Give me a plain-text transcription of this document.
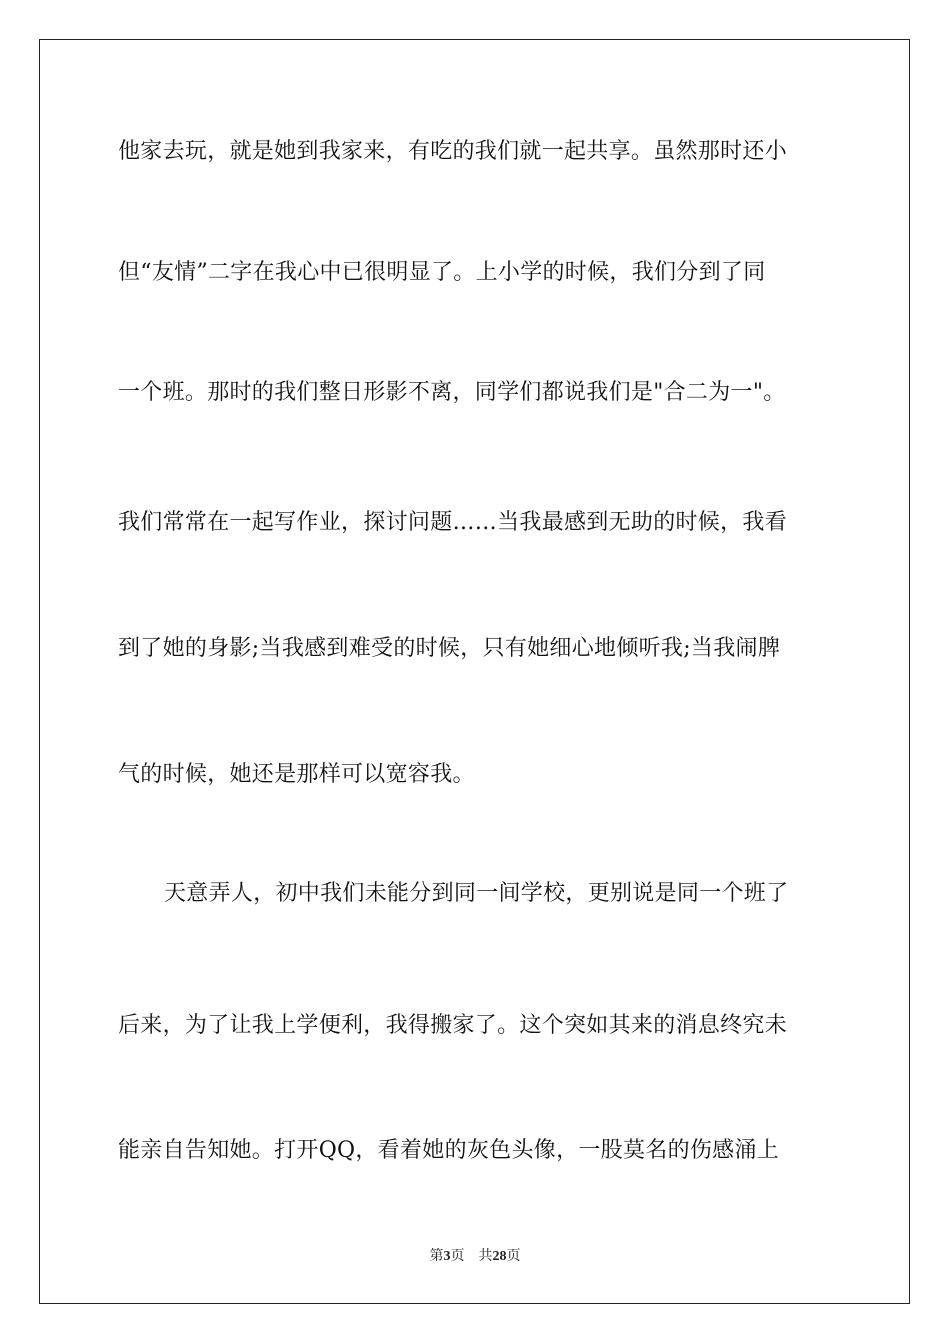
他家去玩，就是她到我家来，有吃的我们就一起共享。虽然那时还小
但“友情”二字在我心中已很明显了。上小学的时候，我们分到了同
一个班。那时的我们整日形影不离，同学们都说我们是"合二为一"。
我们常常在一起写作业，探讨问题……当我最感到无助的时候，我看
到了她的身影;当我感到难受的时候，只有她细心地倾听我;当我闹脾
气的时候，她还是那样可以宽容我。
天意弄人，初中我们未能分到同一间学校，更别说是同一个班了
后来，为了让我上学便利，我得搬家了。这个突如其来的消息终究未
能亲自告知她。打开QQ，看着她的灰色头像，一股莫名的伤感涌上
第3页 共28页
